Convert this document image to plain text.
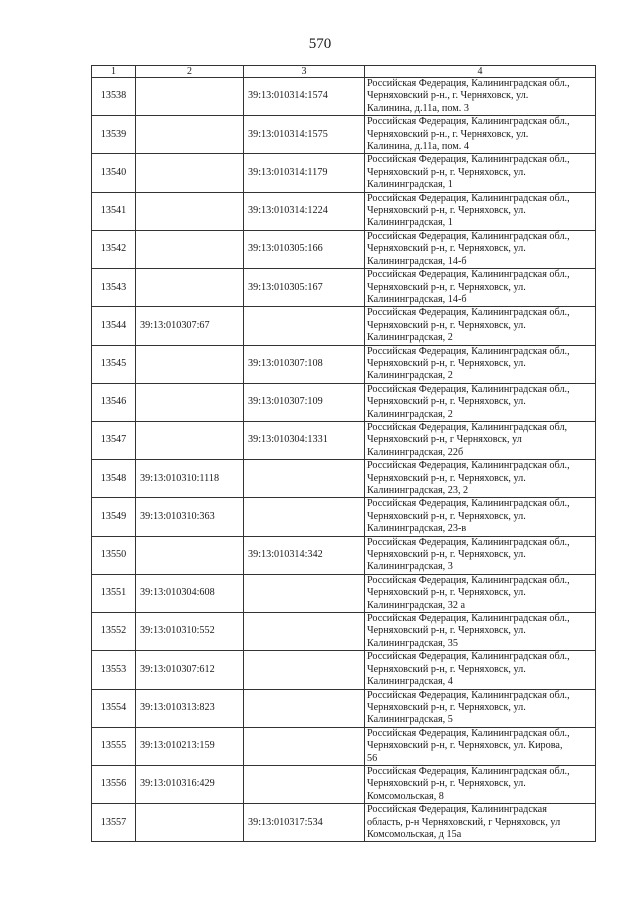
570
1	2	3	4
13538		39:13:010314:1574	Российская Федерация, Калининградская обл.,
Черняховский р-н., г. Черняховск, ул.
Калинина, д.11а, пом. 3
13539		39:13:010314:1575	Российская Федерация, Калининградская обл.,
Черняховский р-н., г. Черняховск, ул.
Калинина, д.11а, пом. 4
13540		39:13:010314:1179	Российская Федерация, Калининградская обл.,
Черняховский р-н, г. Черняховск, ул.
Калининградская, 1
13541		39:13:010314:1224	Российская Федерация, Калининградская обл.,
Черняховский р-н, г. Черняховск, ул.
Калининградская, 1
13542		39:13:010305:166	Российская Федерация, Калининградская обл.,
Черняховский р-н, г. Черняховск, ул.
Калининградская, 14-б
13543		39:13:010305:167	Российская Федерация, Калининградская обл.,
Черняховский р-н, г. Черняховск, ул.
Калининградская, 14-б
13544	39:13:010307:67		Российская Федерация, Калининградская обл.,
Черняховский р-н, г. Черняховск, ул.
Калининградская, 2
13545		39:13:010307:108	Российская Федерация, Калининградская обл.,
Черняховский р-н, г. Черняховск, ул.
Калининградская, 2
13546		39:13:010307:109	Российская Федерация, Калининградская обл.,
Черняховский р-н, г. Черняховск, ул.
Калининградская, 2
13547		39:13:010304:1331	Российская Федерация, Калининградская обл,
Черняховский р-н, г Черняховск, ул
Калининградская, 22б
13548	39:13:010310:1118		Российская Федерация, Калининградская обл.,
Черняховский р-н, г. Черняховск, ул.
Калининградская, 23, 2
13549	39:13:010310:363		Российская Федерация, Калининградская обл.,
Черняховский р-н, г. Черняховск, ул.
Калининградская, 23-в
13550		39:13:010314:342	Российская Федерация, Калининградская обл.,
Черняховский р-н, г. Черняховск, ул.
Калининградская, 3
13551	39:13:010304:608		Российская Федерация, Калининградская обл.,
Черняховский р-н, г. Черняховск, ул.
Калининградская, 32 а
13552	39:13:010310:552		Российская Федерация, Калининградская обл.,
Черняховский р-н, г. Черняховск, ул.
Калининградская, 35
13553	39:13:010307:612		Российская Федерация, Калининградская обл.,
Черняховский р-н, г. Черняховск, ул.
Калининградская, 4
13554	39:13:010313:823		Российская Федерация, Калининградская обл.,
Черняховский р-н, г. Черняховск, ул.
Калининградская, 5
13555	39:13:010213:159		Российская Федерация, Калининградская обл.,
Черняховский р-н, г. Черняховск, ул. Кирова,
56
13556	39:13:010316:429		Российская Федерация, Калининградская обл.,
Черняховский р-н, г. Черняховск, ул.
Комсомольская, 8
13557		39:13:010317:534	Российская Федерация, Калининградская
область, р-н Черняховский, г Черняховск, ул
Комсомольская, д 15а
